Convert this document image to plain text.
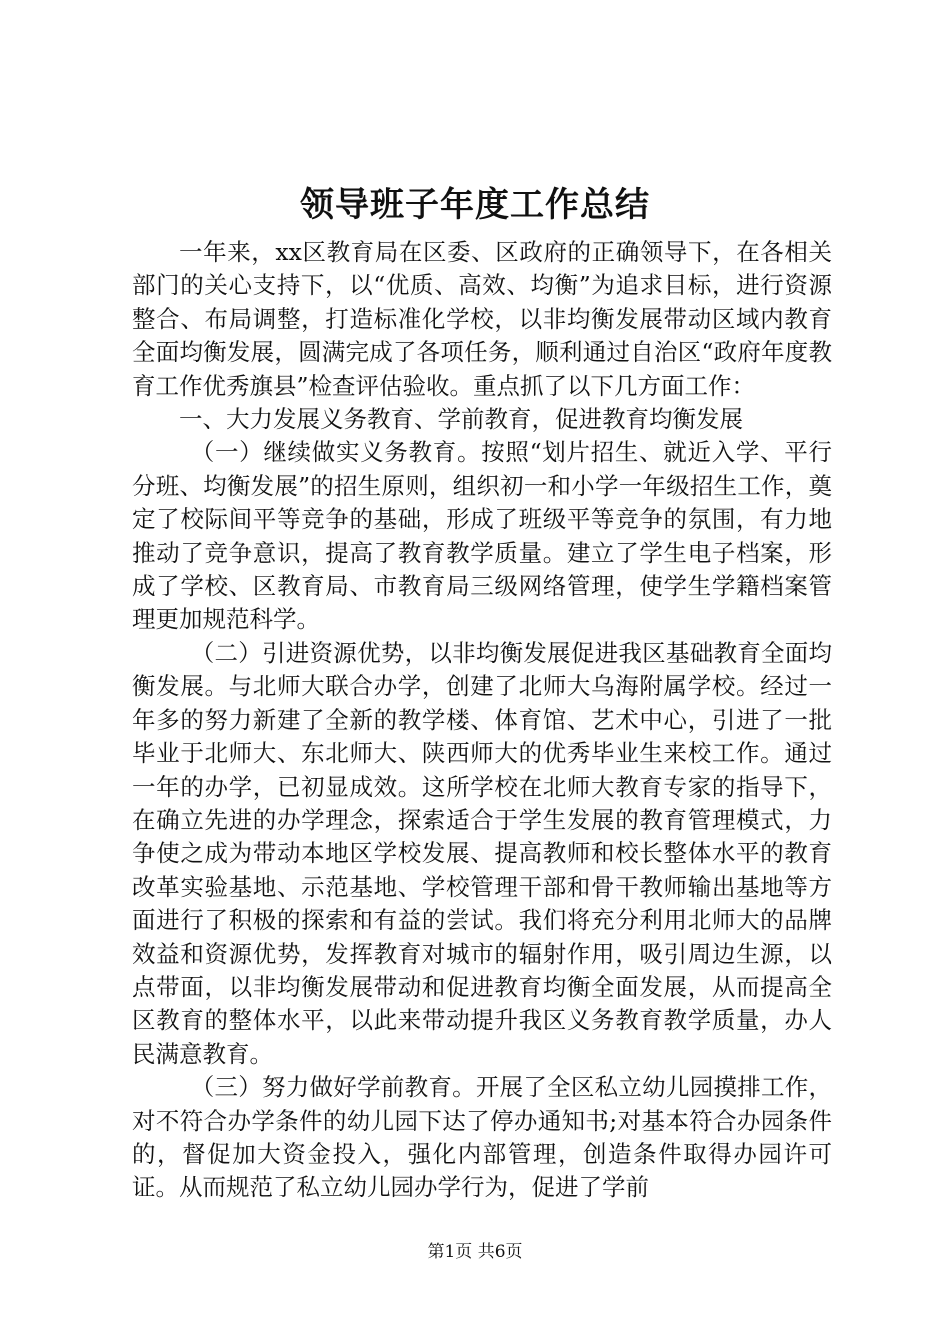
领导班子年度工作总结

一年来，xx区教育局在区委、区政府的正确领导下，在各相关部门的关心支持下，以“优质、高效、均衡”为追求目标，进行资源整合、布局调整，打造标准化学校，以非均衡发展带动区域内教育全面均衡发展，圆满完成了各项任务，顺利通过自治区“政府年度教育工作优秀旗县”检查评估验收。重点抓了以下几方面工作：

一、大力发展义务教育、学前教育，促进教育均衡发展

（一）继续做实义务教育。按照“划片招生、就近入学、平行分班、均衡发展”的招生原则，组织初一和小学一年级招生工作，奠定了校际间平等竞争的基础，形成了班级平等竞争的氛围，有力地推动了竞争意识，提高了教育教学质量。建立了学生电子档案，形成了学校、区教育局、市教育局三级网络管理，使学生学籍档案管理更加规范科学。

（二）引进资源优势，以非均衡发展促进我区基础教育全面均衡发展。与北师大联合办学，创建了北师大乌海附属学校。经过一年多的努力新建了全新的教学楼、体育馆、艺术中心，引进了一批毕业于北师大、东北师大、陕西师大的优秀毕业生来校工作。通过一年的办学，已初显成效。这所学校在北师大教育专家的指导下，在确立先进的办学理念，探索适合于学生发展的教育管理模式，力争使之成为带动本地区学校发展、提高教师和校长整体水平的教育改革实验基地、示范基地、学校管理干部和骨干教师输出基地等方面进行了积极的探索和有益的尝试。我们将充分利用北师大的品牌效益和资源优势，发挥教育对城市的辐射作用，吸引周边生源，以点带面，以非均衡发展带动和促进教育均衡全面发展，从而提高全区教育的整体水平，以此来带动提升我区义务教育教学质量，办人民满意教育。

（三）努力做好学前教育。开展了全区私立幼儿园摸排工作，对不符合办学条件的幼儿园下达了停办通知书;对基本符合办园条件的，督促加大资金投入，强化内部管理，创造条件取得办园许可证。从而规范了私立幼儿园办学行为，促进了学前

第1页 共6页
